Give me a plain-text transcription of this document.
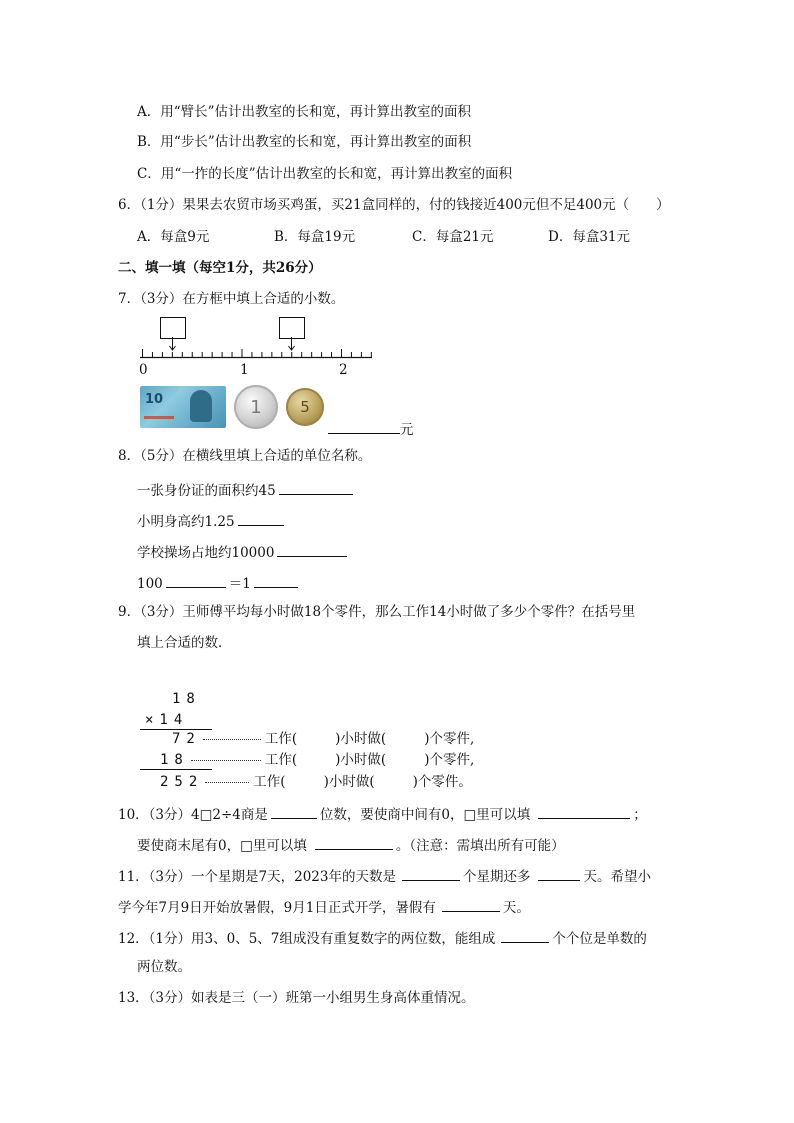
A．用“臂长”估计出教室的长和宽，再计算出教室的面积
B．用“步长”估计出教室的长和宽，再计算出教室的面积
C．用“一拃的长度”估计出教室的长和宽，再计算出教室的面积
6．（1分）果果去农贸市场买鸡蛋，买21盒同样的，付的钱接近400元但不足400元（　　）
A．每盒9元	B．每盒19元	C．每盒21元	D．每盒31元
二、填一填（每空1分，共26分）
7．（3分）在方框中填上合适的小数。
0	1	2
10	1	5
元
8．（5分）在横线里填上合适的单位名称。
一张身份证的面积约45
小明身高约1.25
学校操场占地约10000
100	＝1
9．（3分）王师傅平均每小时做18个零件，那么工作14小时做了多少个零件？在括号里
填上合适的数．
18
×14
72	工作(	)小时做(	)个零件,
18	工作(	)小时做(	)个零件,
252	工作(	)小时做(	)个零件。
10．（3分）4□2÷4商是	位数，要使商中间有0，□里可以填	；
要使商末尾有0，□里可以填	。（注意：需填出所有可能）
11．（3分）一个星期是7天，2023年的天数是	个星期还多	天。希望小
学今年7月9日开始放暑假，9月1日正式开学，暑假有	天。
12．（1分）用3、0、5、7组成没有重复数字的两位数，能组成	个个位是单数的
两位数。
13．（3分）如表是三（一）班第一小组男生身高体重情况。
